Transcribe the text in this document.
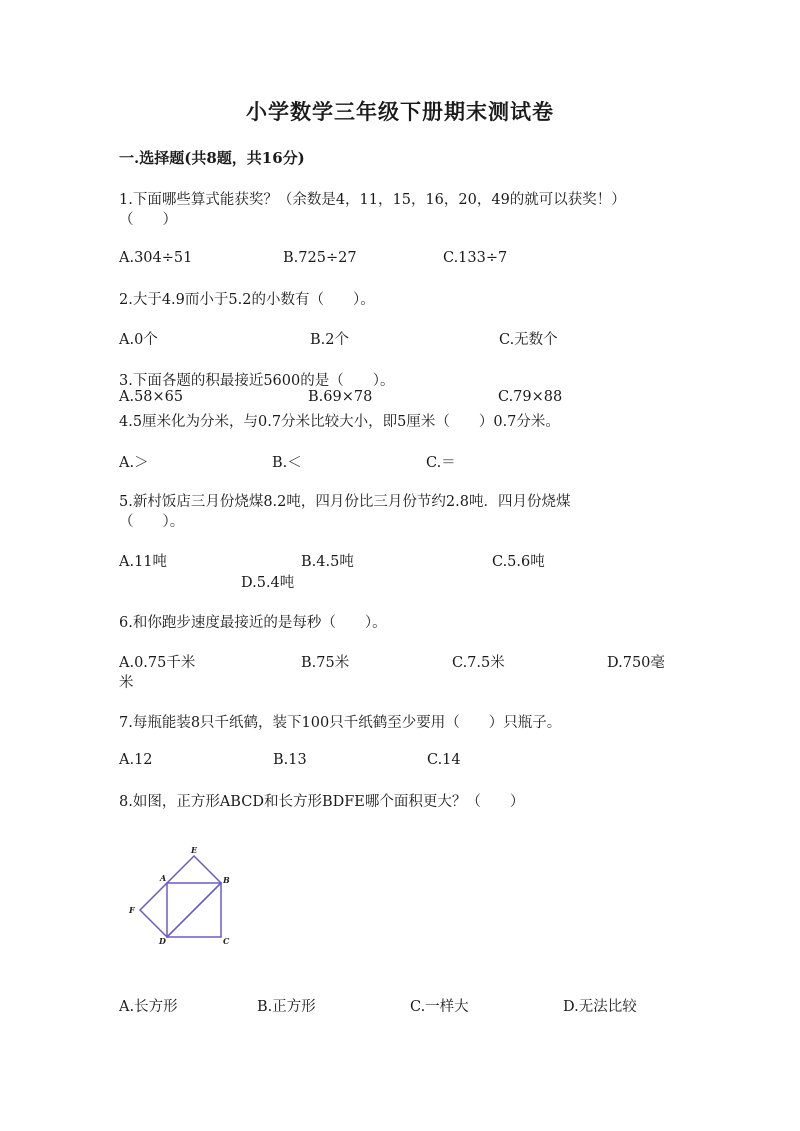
小学数学三年级下册期末测试卷
一.选择题(共8题，共16分)
1.下面哪些算式能获奖？（余数是4，11，15，16，20，49的就可以获奖！）
（　　）
A.304÷51	B.725÷27	C.133÷7
2.大于4.9而小于5.2的小数有（　　）。
A.0个	B.2个	C.无数个
3.下面各题的积最接近5600的是（　　）。
A.58×65	B.69×78	C.79×88
4.5厘米化为分米，与0.7分米比较大小，即5厘米（　　）0.7分米。
A.＞	B.＜	C.＝
5.新村饭店三月份烧煤8.2吨，四月份比三月份节约2.8吨．四月份烧煤
（　　）。
A.11吨	B.4.5吨	C.5.6吨
D.5.4吨
6.和你跑步速度最接近的是每秒（　　）。
A.0.75千米	B.75米	C.7.5米	D.750毫
米
7.每瓶能装8只千纸鹤，装下100只千纸鹤至少要用（　　）只瓶子。
A.12	B.13	C.14
8.如图，正方形ABCD和长方形BDFE哪个面积更大？（　　）
E
A	B
F
D	C
A.长方形	B.正方形	C.一样大	D.无法比较
